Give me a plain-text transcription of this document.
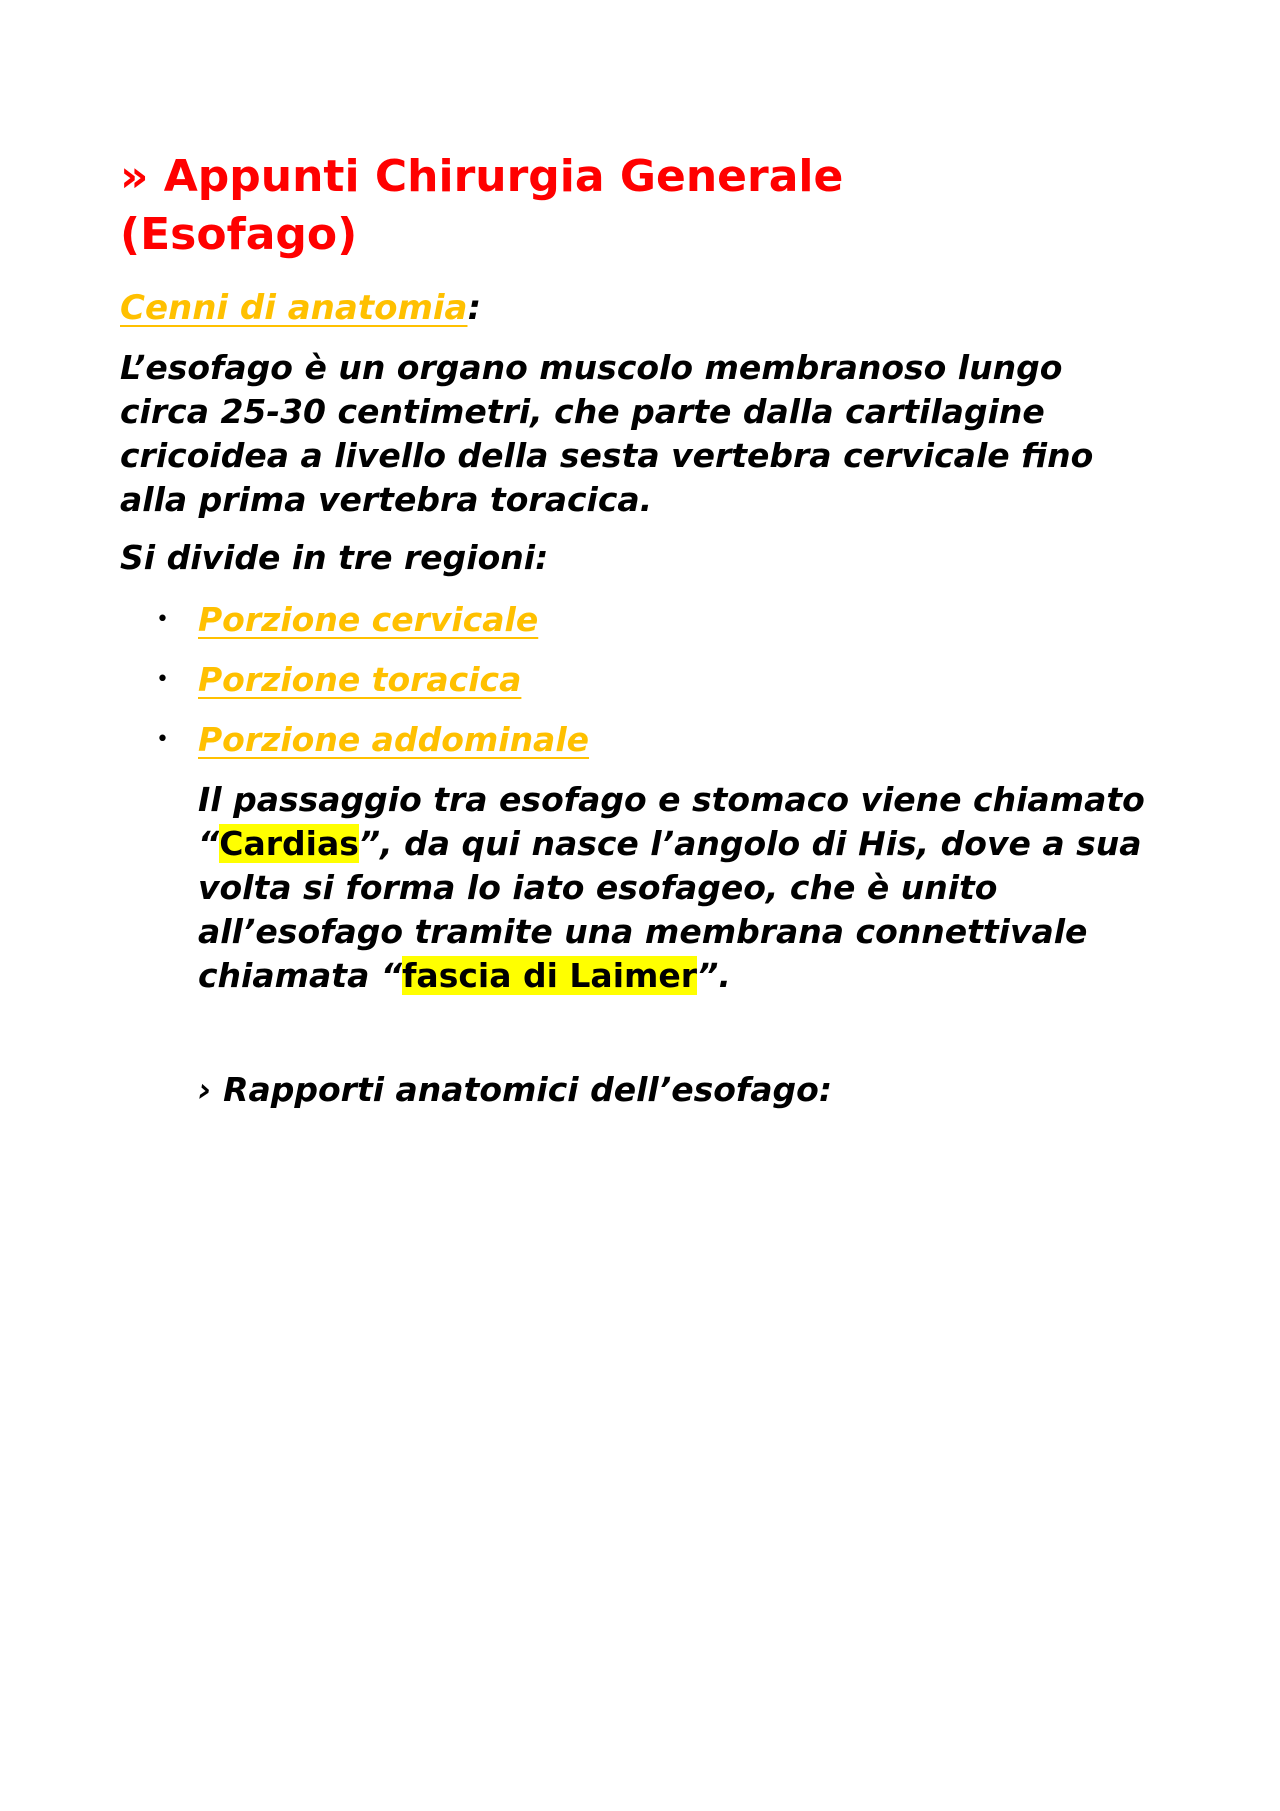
» Appunti Chirurgia Generale (Esofago)

Cenni di anatomia:

L’esofago è un organo muscolo membranoso lungo circa 25-30 centimetri, che parte dalla cartilagine cricoidea a livello della sesta vertebra cervicale fino alla prima vertebra toracica.

Si divide in tre regioni:

• Porzione cervicale
• Porzione toracica
• Porzione addominale

Il passaggio tra esofago e stomaco viene chiamato “Cardias”, da qui nasce l’angolo di His, dove a sua volta si forma lo iato esofageo, che è unito all’esofago tramite una membrana connettivale chiamata “fascia di Laimer”.

› Rapporti anatomici dell’esofago:
